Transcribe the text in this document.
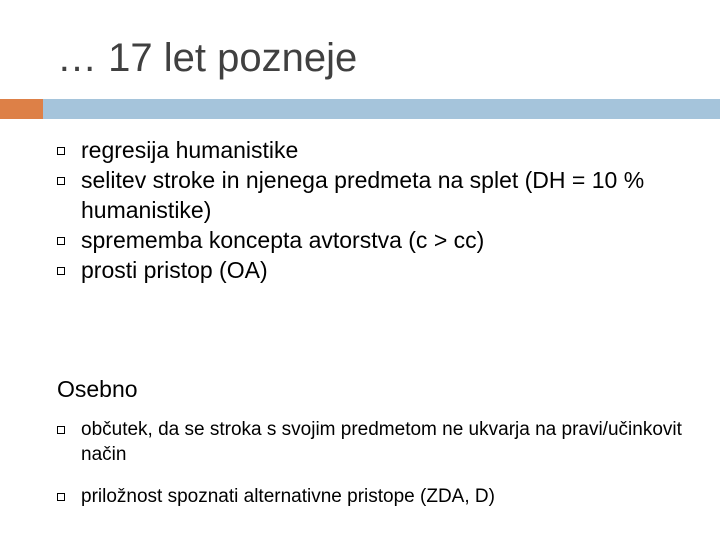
… 17 let pozneje
regresija humanistike
selitev stroke in njenega predmeta na splet (DH = 10 % humanistike)
sprememba koncepta avtorstva (c > cc)
prosti pristop (OA)
Osebno
občutek, da se stroka s svojim predmetom ne ukvarja na pravi/učinkovit način
priložnost spoznati alternativne pristope (ZDA, D)
